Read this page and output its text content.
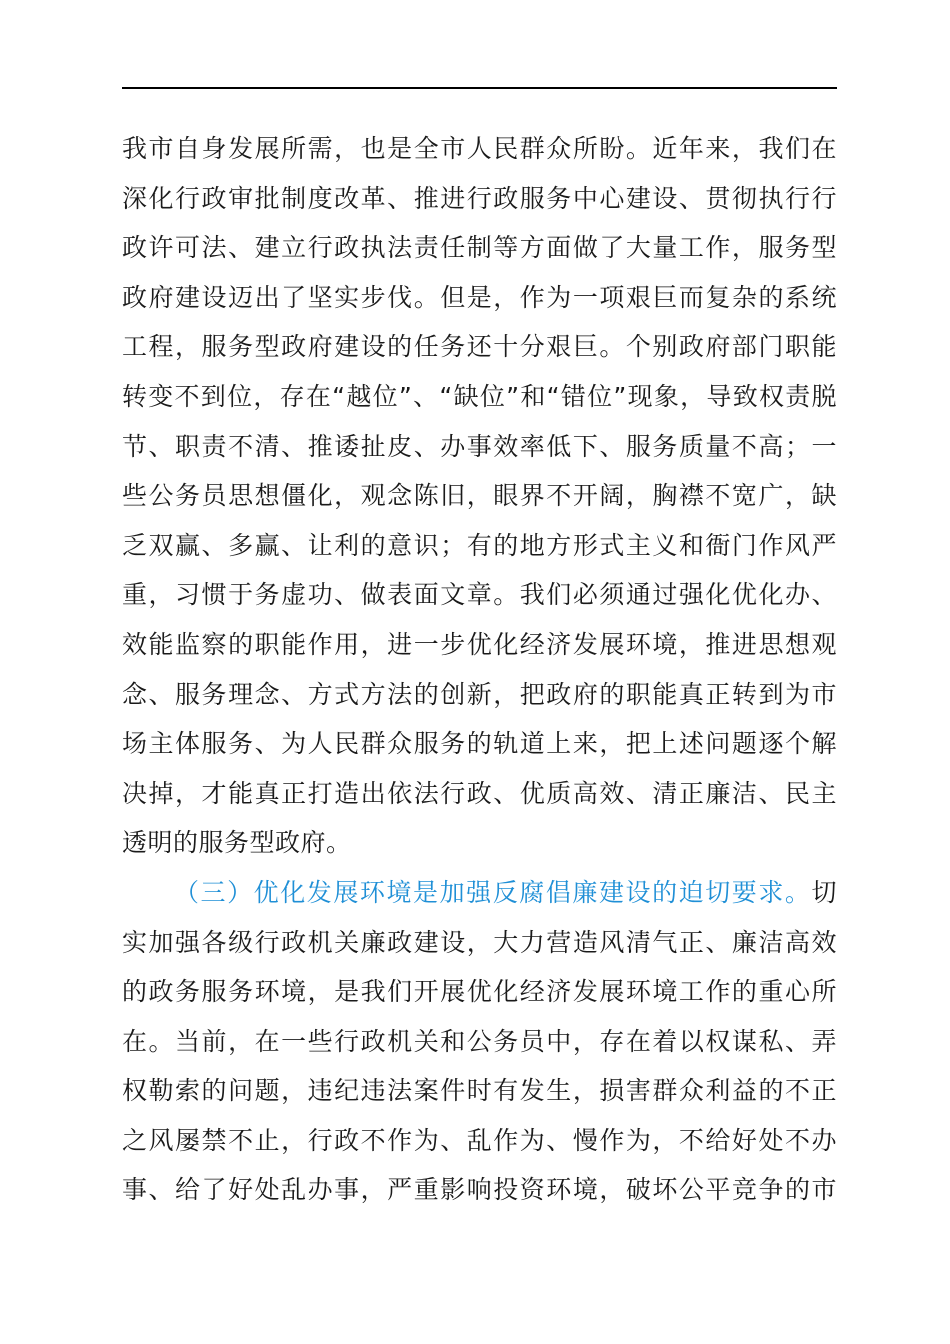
我市自身发展所需，也是全市人民群众所盼。近年来，我们在
深化行政审批制度改革、推进行政服务中心建设、贯彻执行行
政许可法、建立行政执法责任制等方面做了大量工作，服务型
政府建设迈出了坚实步伐。但是，作为一项艰巨而复杂的系统
工程，服务型政府建设的任务还十分艰巨。个别政府部门职能
转变不到位，存在“越位”、“缺位”和“错位”现象，导致权责脱
节、职责不清、推诿扯皮、办事效率低下、服务质量不高；一
些公务员思想僵化，观念陈旧，眼界不开阔，胸襟不宽广，缺
乏双赢、多赢、让利的意识；有的地方形式主义和衙门作风严
重，习惯于务虚功、做表面文章。我们必须通过强化优化办、
效能监察的职能作用，进一步优化经济发展环境，推进思想观
念、服务理念、方式方法的创新，把政府的职能真正转到为市
场主体服务、为人民群众服务的轨道上来，把上述问题逐个解
决掉，才能真正打造出依法行政、优质高效、清正廉洁、民主
透明的服务型政府。
（三）优化发展环境是加强反腐倡廉建设的迫切要求。切
实加强各级行政机关廉政建设，大力营造风清气正、廉洁高效
的政务服务环境，是我们开展优化经济发展环境工作的重心所
在。当前，在一些行政机关和公务员中，存在着以权谋私、弄
权勒索的问题，违纪违法案件时有发生，损害群众利益的不正
之风屡禁不止，行政不作为、乱作为、慢作为，不给好处不办
事、给了好处乱办事，严重影响投资环境，破坏公平竞争的市
